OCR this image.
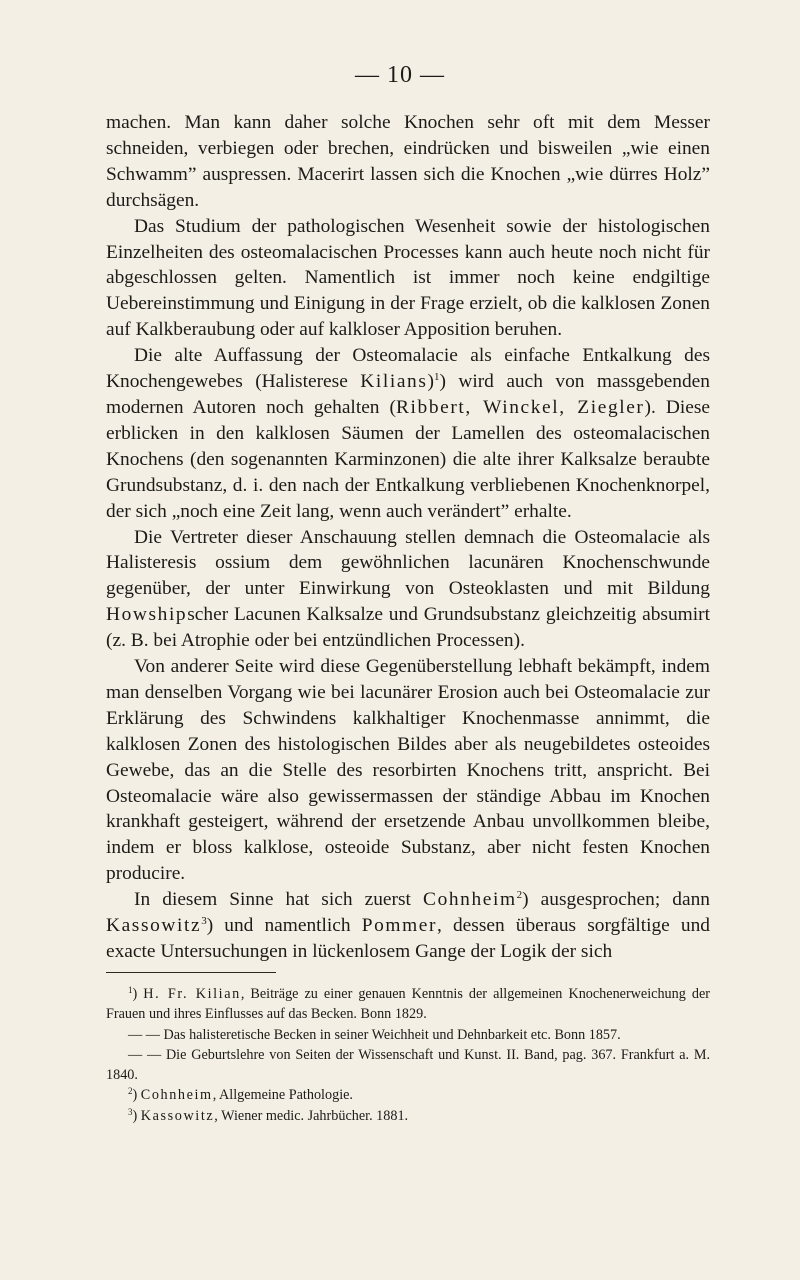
— 10 —

machen. Man kann daher solche Knochen sehr oft mit dem Messer schneiden, verbiegen oder brechen, eindrücken und bisweilen „wie einen Schwamm” auspressen. Macerirt lassen sich die Knochen „wie dürres Holz” durchsägen.

Das Studium der pathologischen Wesenheit sowie der histologischen Einzelheiten des osteomalacischen Processes kann auch heute noch nicht für abgeschlossen gelten. Namentlich ist immer noch keine endgiltige Uebereinstimmung und Einigung in der Frage erzielt, ob die kalklosen Zonen auf Kalkberaubung oder auf kalkloser Apposition beruhen.

Die alte Auffassung der Osteomalacie als einfache Entkalkung des Knochengewebes (Halisterese Kilians)$^1$) wird auch von massgebenden modernen Autoren noch gehalten (Ribbert, Winckel, Ziegler). Diese erblicken in den kalklosen Säumen der Lamellen des osteomalacischen Knochens (den sogenannten Karminzonen) die alte ihrer Kalksalze beraubte Grundsubstanz, d. i. den nach der Entkalkung verbliebenen Knochenknorpel, der sich „noch eine Zeit lang, wenn auch verändert” erhalte.

Die Vertreter dieser Anschauung stellen demnach die Osteomalacie als Halisteresis ossium dem gewöhnlichen lacunären Knochenschwunde gegenüber, der unter Einwirkung von Osteoklasten und mit Bildung Howshipscher Lacunen Kalksalze und Grundsubstanz gleichzeitig absumirt (z. B. bei Atrophie oder bei entzündlichen Processen).

Von anderer Seite wird diese Gegenüberstellung lebhaft bekämpft, indem man denselben Vorgang wie bei lacunärer Erosion auch bei Osteomalacie zur Erklärung des Schwindens kalkhaltiger Knochenmasse annimmt, die kalklosen Zonen des histologischen Bildes aber als neugebildetes osteoides Gewebe, das an die Stelle des resorbirten Knochens tritt, anspricht. Bei Osteomalacie wäre also gewissermassen der ständige Abbau im Knochen krankhaft gesteigert, während der ersetzende Anbau unvollkommen bleibe, indem er bloss kalklose, osteoide Substanz, aber nicht festen Knochen producire.

In diesem Sinne hat sich zuerst Cohnheim$^2$) ausgesprochen; dann Kassowitz$^3$) und namentlich Pommer, dessen überaus sorgfältige und exacte Untersuchungen in lückenlosem Gange der Logik der sich

$^1$) H. Fr. Kilian, Beiträge zu einer genauen Kenntnis der allgemeinen Knochenerweichung der Frauen und ihres Einflusses auf das Becken. Bonn 1829.

— — Das halisteretische Becken in seiner Weichheit und Dehnbarkeit etc. Bonn 1857.

— — Die Geburtslehre von Seiten der Wissenschaft und Kunst. II. Band, pag. 367. Frankfurt a. M. 1840.

$^2$) Cohnheim, Allgemeine Pathologie.

$^3$) Kassowitz, Wiener medic. Jahrbücher. 1881.
